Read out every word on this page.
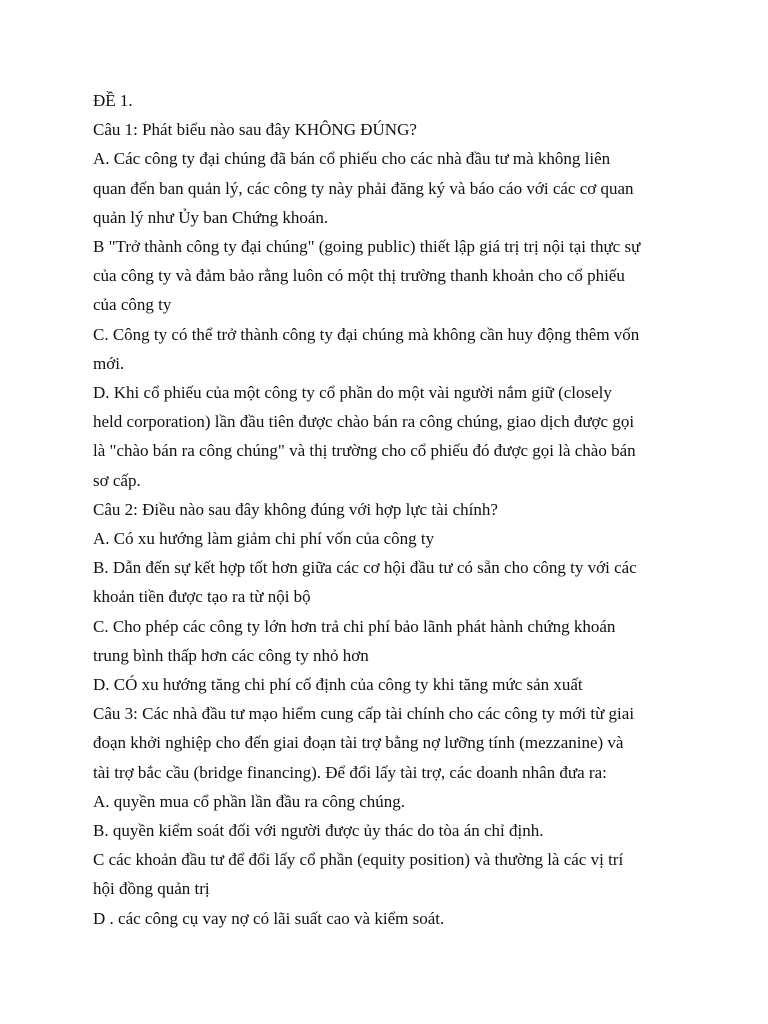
ĐỀ 1.

Câu 1: Phát biểu nào sau đây KHÔNG ĐÚNG?

A. Các công ty đại chúng đã bán cổ phiếu cho các nhà đầu tư mà không liên

quan đến ban quản lý, các công ty này phải đăng ký và báo cáo với các cơ quan

quản lý như Ủy ban Chứng khoán.

B "Trở thành công ty đại chúng" (going public) thiết lập giá trị trị nội tại thực sự

của công ty và đảm bảo rằng luôn có một thị trường thanh khoản cho cổ phiếu

của công ty

C. Công ty có thể trở thành công ty đại chúng mà không cần huy động thêm vốn

mới.

D. Khi cổ phiếu của một công ty cổ phần do một vài người nắm giữ (closely

held corporation) lần đầu tiên được chào bán ra công chúng, giao dịch được gọi

là "chào bán ra công chúng" và thị trường cho cổ phiếu đó được gọi là chào bán

sơ cấp.

Câu 2: Điều nào sau đây không đúng với hợp lực tài chính?

A. Có xu hướng làm giảm chi phí vốn của công ty

B. Dẫn đến sự kết hợp tốt hơn giữa các cơ hội đầu tư có sẵn cho công ty với các

khoản tiền được tạo ra từ nội bộ

C. Cho phép các công ty lớn hơn trả chi phí bảo lãnh phát hành chứng khoán

trung bình thấp hơn các công ty nhỏ hơn

D. CÓ xu hướng tăng chi phí cố định của công ty khi tăng mức sản xuất

Câu 3: Các nhà đầu tư mạo hiểm cung cấp tài chính cho các công ty mới từ giai

đoạn khởi nghiệp cho đến giai đoạn tài trợ bằng nợ lưỡng tính (mezzanine) và

tài trợ bắc cầu (bridge financing). Để đổi lấy tài trợ, các doanh nhân đưa ra:

A. quyền mua cổ phần lần đầu ra công chúng.

B. quyền kiểm soát đối với người được ủy thác do tòa án chỉ định.

C các khoản đầu tư để đổi lấy cổ phần (equity position) và thường là các vị trí

hội đồng quản trị

D . các công cụ vay nợ có lãi suất cao và kiểm soát.
